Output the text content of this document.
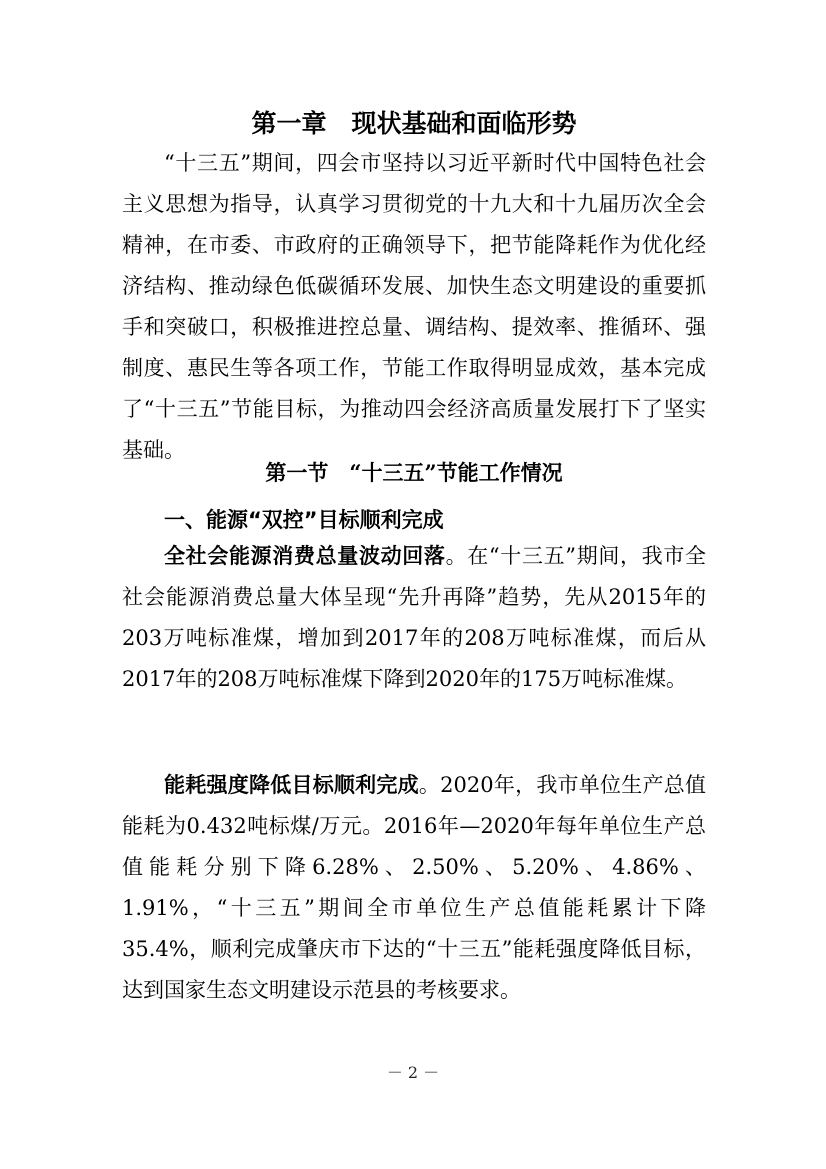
第一章　现状基础和面临形势

“十三五”期间，四会市坚持以习近平新时代中国特色社会主义思想为指导，认真学习贯彻党的十九大和十九届历次全会精神，在市委、市政府的正确领导下，把节能降耗作为优化经济结构、推动绿色低碳循环发展、加快生态文明建设的重要抓手和突破口，积极推进控总量、调结构、提效率、推循环、强制度、惠民生等各项工作，节能工作取得明显成效，基本完成了“十三五”节能目标，为推动四会经济高质量发展打下了坚实基础。

第一节　“十三五”节能工作情况
一、能源“双控”目标顺利完成

全社会能源消费总量波动回落。在“十三五”期间，我市全社会能源消费总量大体呈现“先升再降”趋势，先从2015年的203万吨标准煤，增加到2017年的208万吨标准煤，而后从2017年的208万吨标准煤下降到2020年的175万吨标准煤。

能耗强度降低目标顺利完成。2020年，我市单位生产总值能耗为0.432吨标煤/万元。2016年—2020年每年单位生产总值能耗分别下降6.28%、2.50%、5.20%、4.86%、1.91%，“十三五”期间全市单位生产总值能耗累计下降35.4%，顺利完成肇庆市下达的“十三五”能耗强度降低目标，达到国家生态文明建设示范县的考核要求。

－ 2 －
